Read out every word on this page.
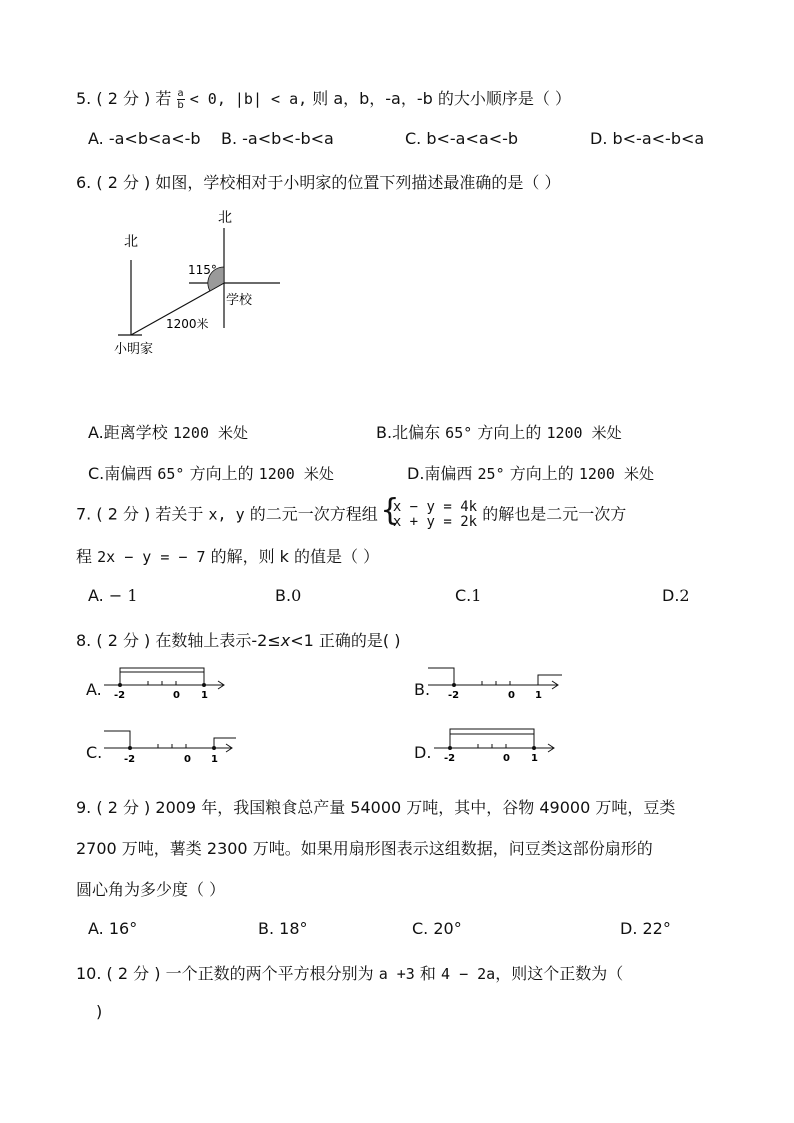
5. ( 2 分 ) 若 $\frac{a}{b} < 0$, |b| < a, 则 a，b，-a，-b 的大小顺序是（ ）
A. -a<b<a<-b B. -a<b<-b<a	C. b<-a<a<-b	D. b<-a<-b<a
6. ( 2 分 ) 如图，学校相对于小明家的位置下列描述最准确的是（ ）
北
北
115°
学校
1200米
小明家
A.距离学校 1200 米处	B.北偏东 65° 方向上的 1200 米处
C.南偏西 65° 方向上的 1200 米处	D.南偏西 25° 方向上的 1200 米处
7. ( 2 分 ) 若关于 x, y 的二元一次方程组 {
x − y = 4k
x + y = 2k 的解也是二元一次方
程 2x − y = − 7 的解，则 k 的值是（ ）
A. − 1	B.0	C.1	D.2
8. ( 2 分 ) 在数轴上表示-2≤x<1 正确的是( )
A. -2	0 1	B. -2	0 1
C. -2	0 1	D. -2	0 1
9. ( 2 分 ) 2009 年，我国粮食总产量 54000 万吨，其中，谷物 49000 万吨，豆类
2700 万吨，薯类 2300 万吨。如果用扇形图表示这组数据，问豆类这部份扇形的
圆心角为多少度（ ）
A. 16°	B. 18°	C. 20°	D. 22°
10. ( 2 分 ) 一个正数的两个平方根分别为 a +3 和 4 − 2a，则这个正数为（
)
